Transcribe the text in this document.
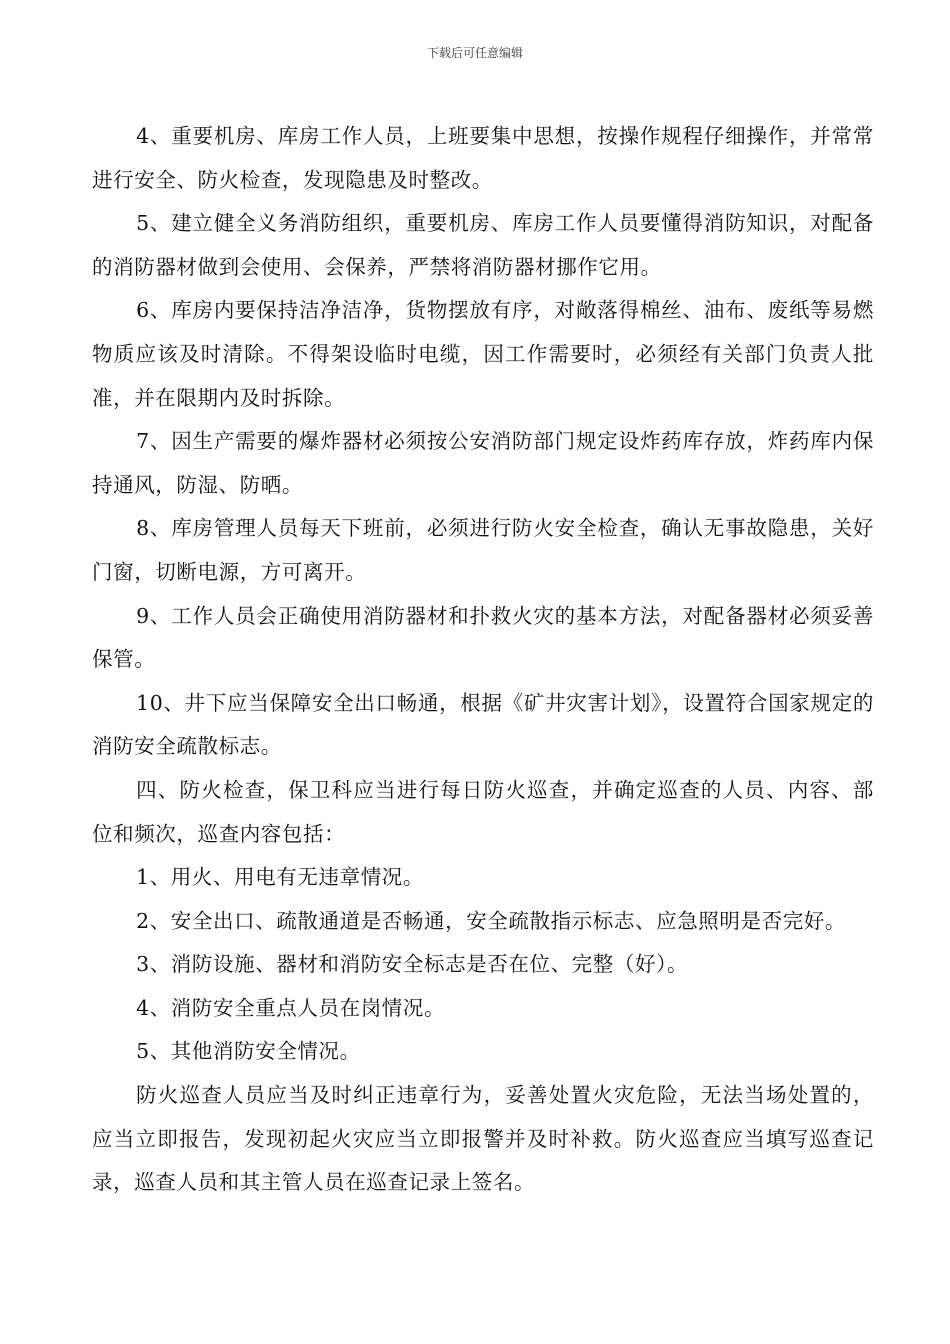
下载后可任意编辑

4、重要机房、库房工作人员，上班要集中思想，按操作规程仔细操作，并常常进行安全、防火检查，发现隐患及时整改。

5、建立健全义务消防组织，重要机房、库房工作人员要懂得消防知识，对配备的消防器材做到会使用、会保养，严禁将消防器材挪作它用。

6、库房内要保持洁净洁净，货物摆放有序，对敞落得棉丝、油布、废纸等易燃物质应该及时清除。不得架设临时电缆，因工作需要时，必须经有关部门负责人批准，并在限期内及时拆除。

7、因生产需要的爆炸器材必须按公安消防部门规定设炸药库存放，炸药库内保持通风，防湿、防晒。

8、库房管理人员每天下班前，必须进行防火安全检查，确认无事故隐患，关好门窗，切断电源，方可离开。

9、工作人员会正确使用消防器材和扑救火灾的基本方法，对配备器材必须妥善保管。

10、井下应当保障安全出口畅通，根据《矿井灾害计划》，设置符合国家规定的消防安全疏散标志。

四、防火检查，保卫科应当进行每日防火巡查，并确定巡查的人员、内容、部位和频次，巡查内容包括：

1、用火、用电有无违章情况。

2、安全出口、疏散通道是否畅通，安全疏散指示标志、应急照明是否完好。

3、消防设施、器材和消防安全标志是否在位、完整（好）。

4、消防安全重点人员在岗情况。

5、其他消防安全情况。

防火巡查人员应当及时纠正违章行为，妥善处置火灾危险，无法当场处置的，应当立即报告，发现初起火灾应当立即报警并及时补救。防火巡查应当填写巡查记录，巡查人员和其主管人员在巡查记录上签名。
